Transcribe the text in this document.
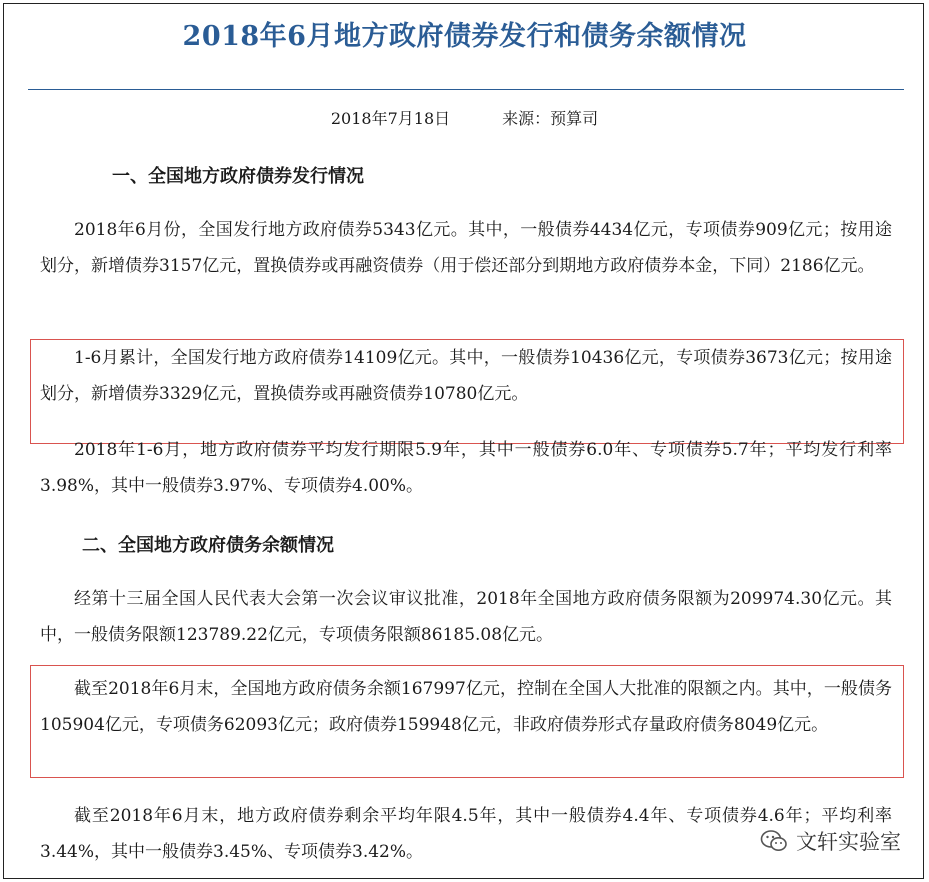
2018年6月地方政府债券发行和债务余额情况
2018年7月18日	来源：预算司
一、全国地方政府债券发行情况
2018年6月份，全国发行地方政府债券5343亿元。其中，一般债券4434亿元，专项债券909亿元；按用途划分，新增债券3157亿元，置换债券或再融资债券（用于偿还部分到期地方政府债券本金，下同）2186亿元。
1-6月累计，全国发行地方政府债券14109亿元。其中，一般债券10436亿元，专项债券3673亿元；按用途划分，新增债券3329亿元，置换债券或再融资债券10780亿元。
2018年1-6月，地方政府债券平均发行期限5.9年，其中一般债券6.0年、专项债券5.7年；平均发行利率3.98%，其中一般债券3.97%、专项债券4.00%。
二、全国地方政府债务余额情况
经第十三届全国人民代表大会第一次会议审议批准，2018年全国地方政府债务限额为209974.30亿元。其中，一般债务限额123789.22亿元，专项债务限额86185.08亿元。
截至2018年6月末，全国地方政府债务余额167997亿元，控制在全国人大批准的限额之内。其中，一般债务105904亿元，专项债务62093亿元；政府债券159948亿元，非政府债券形式存量政府债务8049亿元。
截至2018年6月末，地方政府债券剩余平均年限4.5年，其中一般债券4.4年、专项债券4.6年；平均利率3.44%，其中一般债券3.45%、专项债券3.42%。	文轩实验室
